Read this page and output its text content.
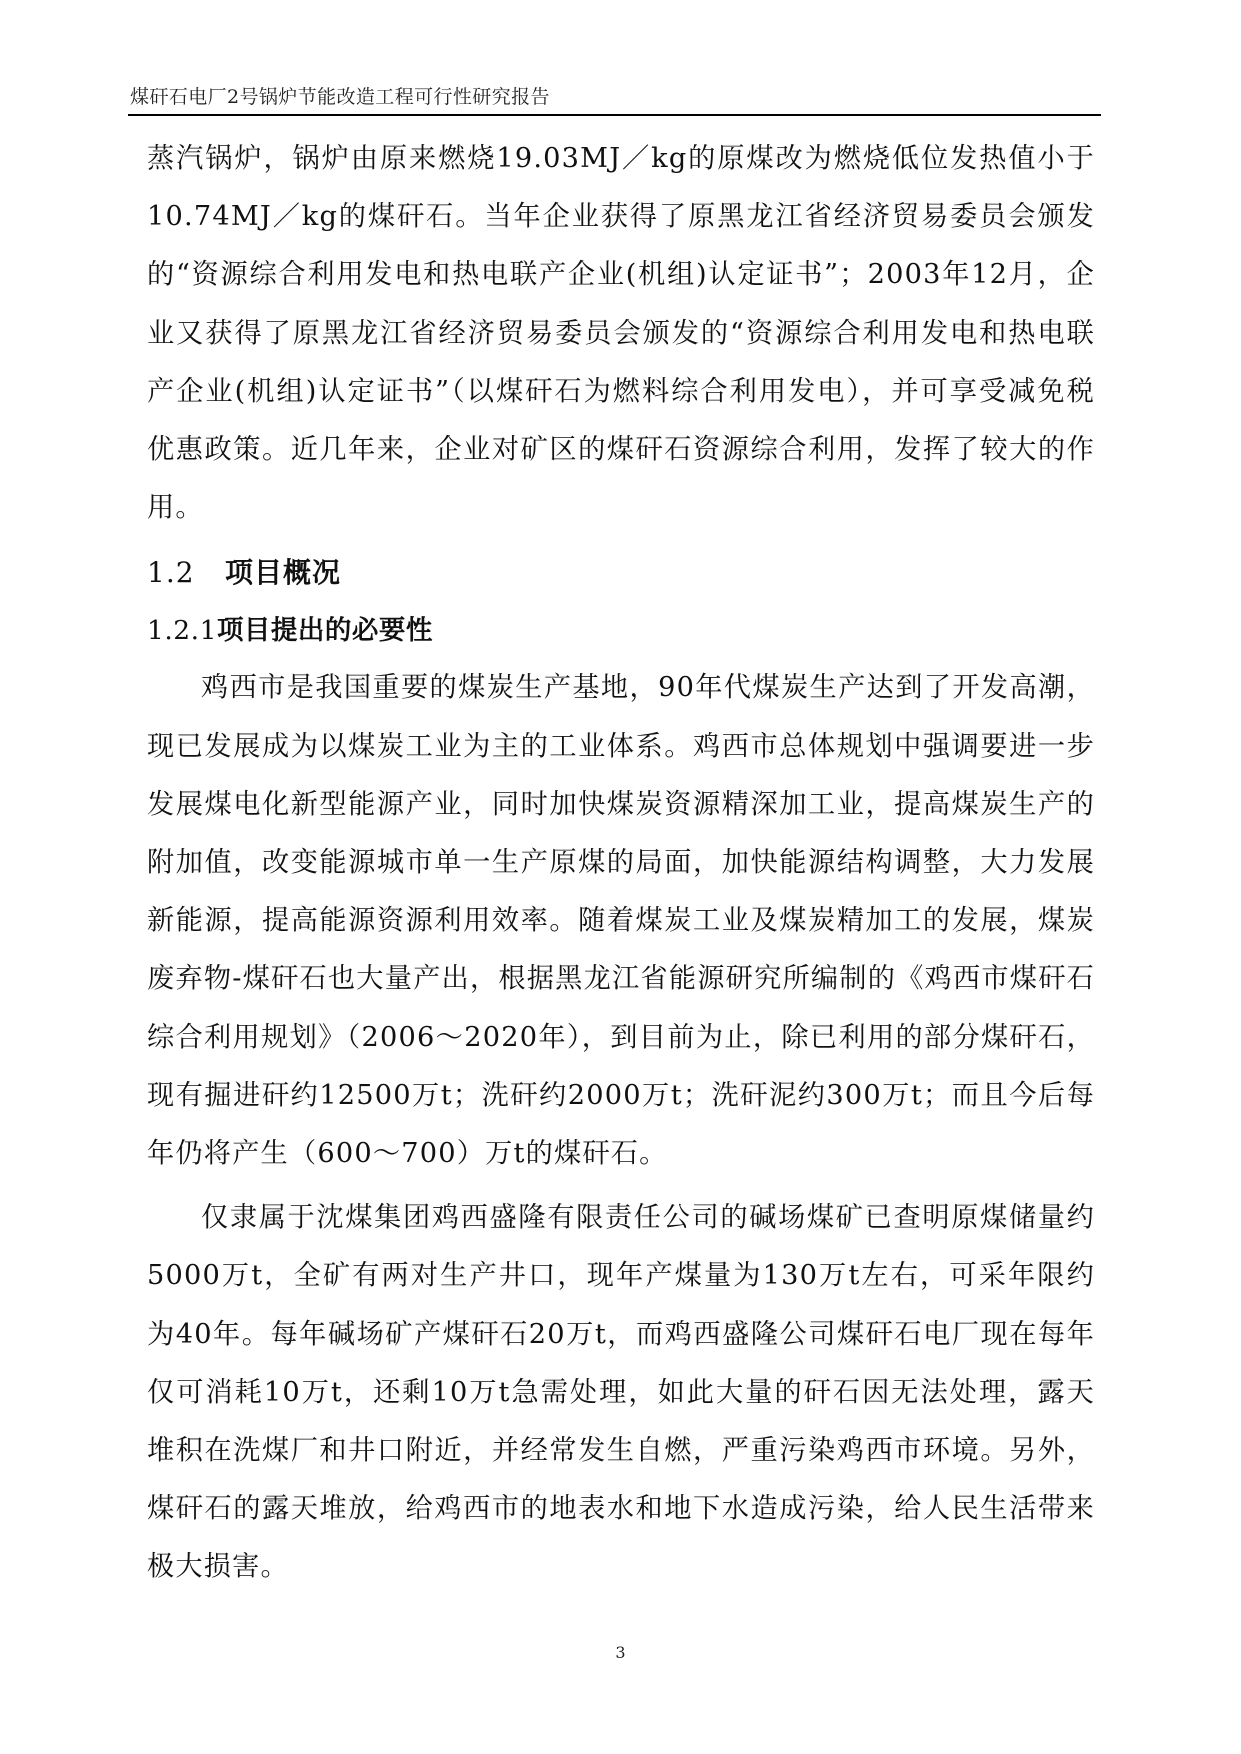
煤矸石电厂2号锅炉节能改造工程可行性研究报告

蒸汽锅炉，锅炉由原来燃烧19.03MJ／kg的原煤改为燃烧低位发热值小于10.74MJ／kg的煤矸石。当年企业获得了原黑龙江省经济贸易委员会颁发的“资源综合利用发电和热电联产企业(机组)认定证书”；2003年12月，企业又获得了原黑龙江省经济贸易委员会颁发的“资源综合利用发电和热电联产企业(机组)认定证书”（以煤矸石为燃料综合利用发电），并可享受减免税优惠政策。近几年来，企业对矿区的煤矸石资源综合利用，发挥了较大的作用。

1.2 项目概况
1.2.1项目提出的必要性

鸡西市是我国重要的煤炭生产基地，90年代煤炭生产达到了开发高潮，现已发展成为以煤炭工业为主的工业体系。鸡西市总体规划中强调要进一步发展煤电化新型能源产业，同时加快煤炭资源精深加工业，提高煤炭生产的附加值，改变能源城市单一生产原煤的局面，加快能源结构调整，大力发展新能源，提高能源资源利用效率。随着煤炭工业及煤炭精加工的发展，煤炭 废弃物-煤矸石也大量产出，根据黑龙江省能源研究所编制的《鸡西市煤矸石综合利用规划》（2006～2020年），到目前为止，除已利用的部分煤矸石，现有掘进矸约12500万t；洗矸约2000万t；洗矸泥约300万t；而且今后每年仍将产生（600～700）万t的煤矸石。

仅隶属于沈煤集团鸡西盛隆有限责任公司的碱场煤矿已查明原煤储量约5000万t，全矿有两对生产井口，现年产煤量为130万t左右，可采年限约为40年。每年碱场矿产煤矸石20万t，而鸡西盛隆公司煤矸石电厂现在每年仅可消耗10万t，还剩10万t急需处理，如此大量的矸石因无法处理，露天堆积在洗煤厂和井口附近，并经常发生自燃，严重污染鸡西市环境。另外，煤矸石的露天堆放，给鸡西市的地表水和地下水造成污染，给人民生活带来极大损害。

3
